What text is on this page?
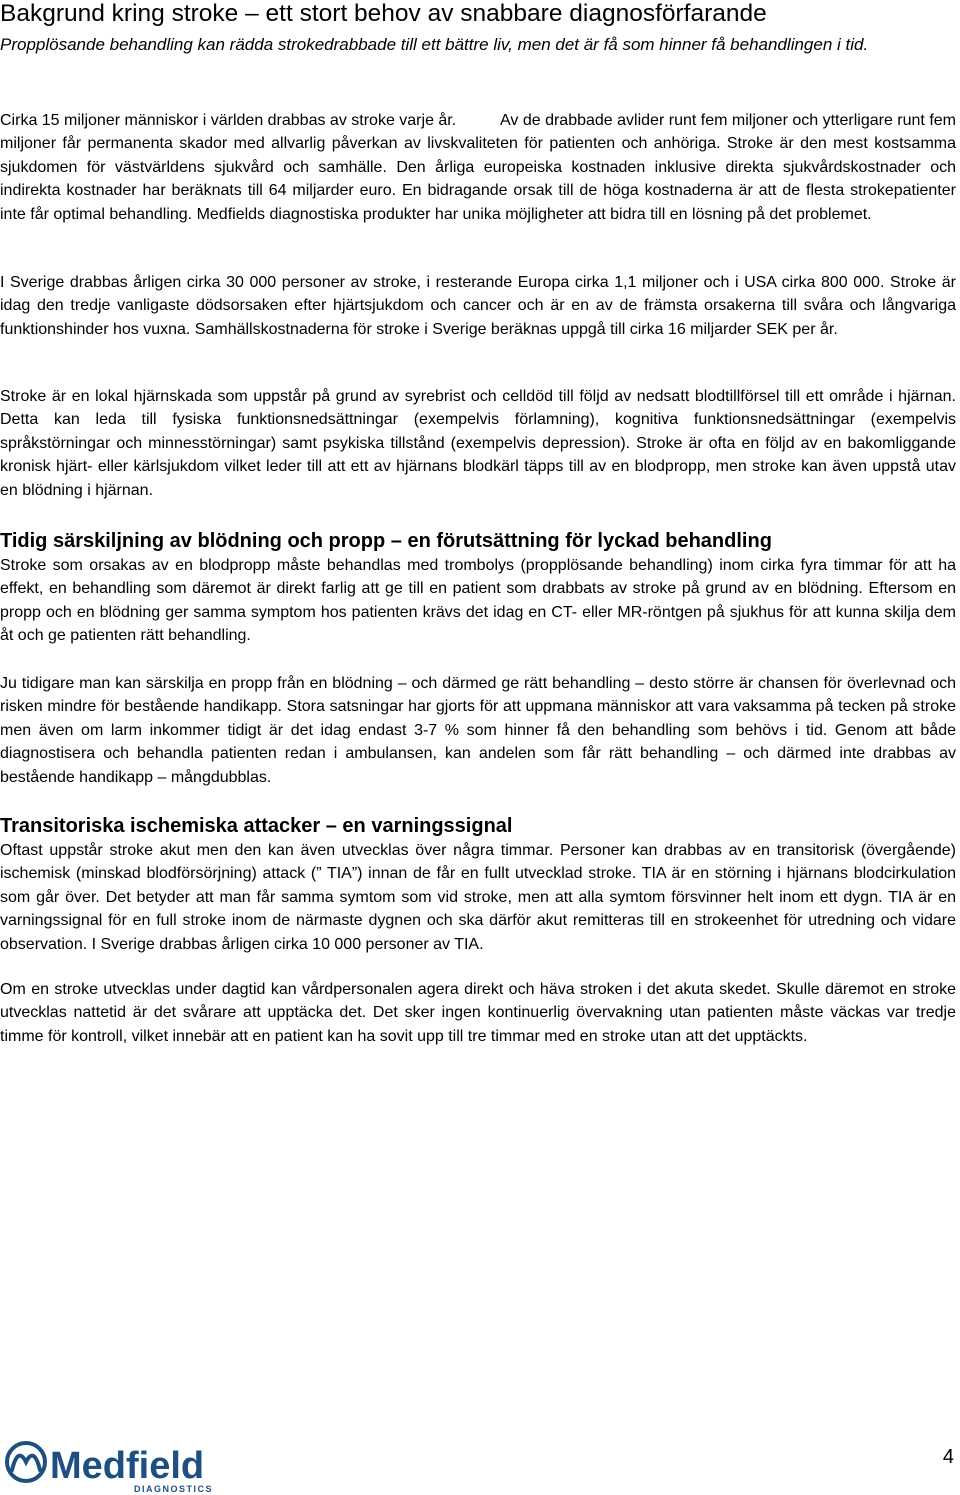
Bakgrund kring stroke – ett stort behov av snabbare diagnosförfarande

Propplösande behandling kan rädda strokedrabbade till ett bättre liv, men det är få som hinner få behandlingen i tid.

Cirka 15 miljoner människor i världen drabbas av stroke varje år.	Av de drabbade avlider runt fem miljoner och ytterligare runt fem miljoner får permanenta skador med allvarlig påverkan av livskvaliteten för patienten och anhöriga. Stroke är den mest kostsamma sjukdomen för västvärldens sjukvård och samhälle. Den årliga europeiska kostnaden inklusive direkta sjukvårdskostnader och indirekta kostnader har beräknats till 64 miljarder euro. En bidragande orsak till de höga kostnaderna är att de flesta strokepatienter inte får optimal behandling. Medfields diagnostiska produkter har unika möjligheter att bidra till en lösning på det problemet.

I Sverige drabbas årligen cirka 30 000 personer av stroke, i resterande Europa cirka 1,1 miljoner och i USA cirka 800 000. Stroke är idag den tredje vanligaste dödsorsaken efter hjärtsjukdom och cancer och är en av de främsta orsakerna till svåra och långvariga funktionshinder hos vuxna. Samhällskostnaderna för stroke i Sverige beräknas uppgå till cirka 16 miljarder SEK per år.

Stroke är en lokal hjärnskada som uppstår på grund av syrebrist och celldöd till följd av nedsatt blodtillförsel till ett område i hjärnan. Detta kan leda till fysiska funktionsnedsättningar (exempelvis förlamning), kognitiva funktionsnedsättningar (exempelvis språkstörningar och minnesstörningar) samt psykiska tillstånd (exempelvis depression). Stroke är ofta en följd av en bakomliggande kronisk hjärt- eller kärlsjukdom vilket leder till att ett av hjärnans blodkärl täpps till av en blodpropp, men stroke kan även uppstå utav en blödning i hjärnan.

Tidig särskiljning av blödning och propp – en förutsättning för lyckad behandling

Stroke som orsakas av en blodpropp måste behandlas med trombolys (propplösande behandling) inom cirka fyra timmar för att ha effekt, en behandling som däremot är direkt farlig att ge till en patient som drabbats av stroke på grund av en blödning. Eftersom en propp och en blödning ger samma symptom hos patienten krävs det idag en CT- eller MR-röntgen på sjukhus för att kunna skilja dem åt och ge patienten rätt behandling.

Ju tidigare man kan särskilja en propp från en blödning – och därmed ge rätt behandling – desto större är chansen för överlevnad och risken mindre för bestående handikapp. Stora satsningar har gjorts för att uppmana människor att vara vaksamma på tecken på stroke men även om larm inkommer tidigt är det idag endast 3-7 % som hinner få den behandling som behövs i tid. Genom att både diagnostisera och behandla patienten redan i ambulansen, kan andelen som får rätt behandling – och därmed inte drabbas av bestående handikapp – mångdubblas.

Transitoriska ischemiska attacker – en varningssignal

Oftast uppstår stroke akut men den kan även utvecklas över några timmar. Personer kan drabbas av en transitorisk (övergående) ischemisk (minskad blodförsörjning) attack (” TIA”) innan de får en fullt utvecklad stroke. TIA är en störning i hjärnans blodcirkulation som går över. Det betyder att man får samma symtom som vid stroke, men att alla symtom försvinner helt inom ett dygn. TIA är en varningssignal för en full stroke inom de närmaste dygnen och ska därför akut remitteras till en strokeenhet för utredning och vidare observation. I Sverige drabbas årligen cirka 10 000 personer av TIA.

Om en stroke utvecklas under dagtid kan vårdpersonalen agera direkt och häva stroken i det akuta skedet. Skulle däremot en stroke utvecklas nattetid är det svårare att upptäcka det. Det sker ingen kontinuerlig övervakning utan patienten måste väckas var tredje timme för kontroll, vilket innebär att en patient kan ha sovit upp till tre timmar med en stroke utan att det upptäckts.

Medfield
DIAGNOSTICS
4
